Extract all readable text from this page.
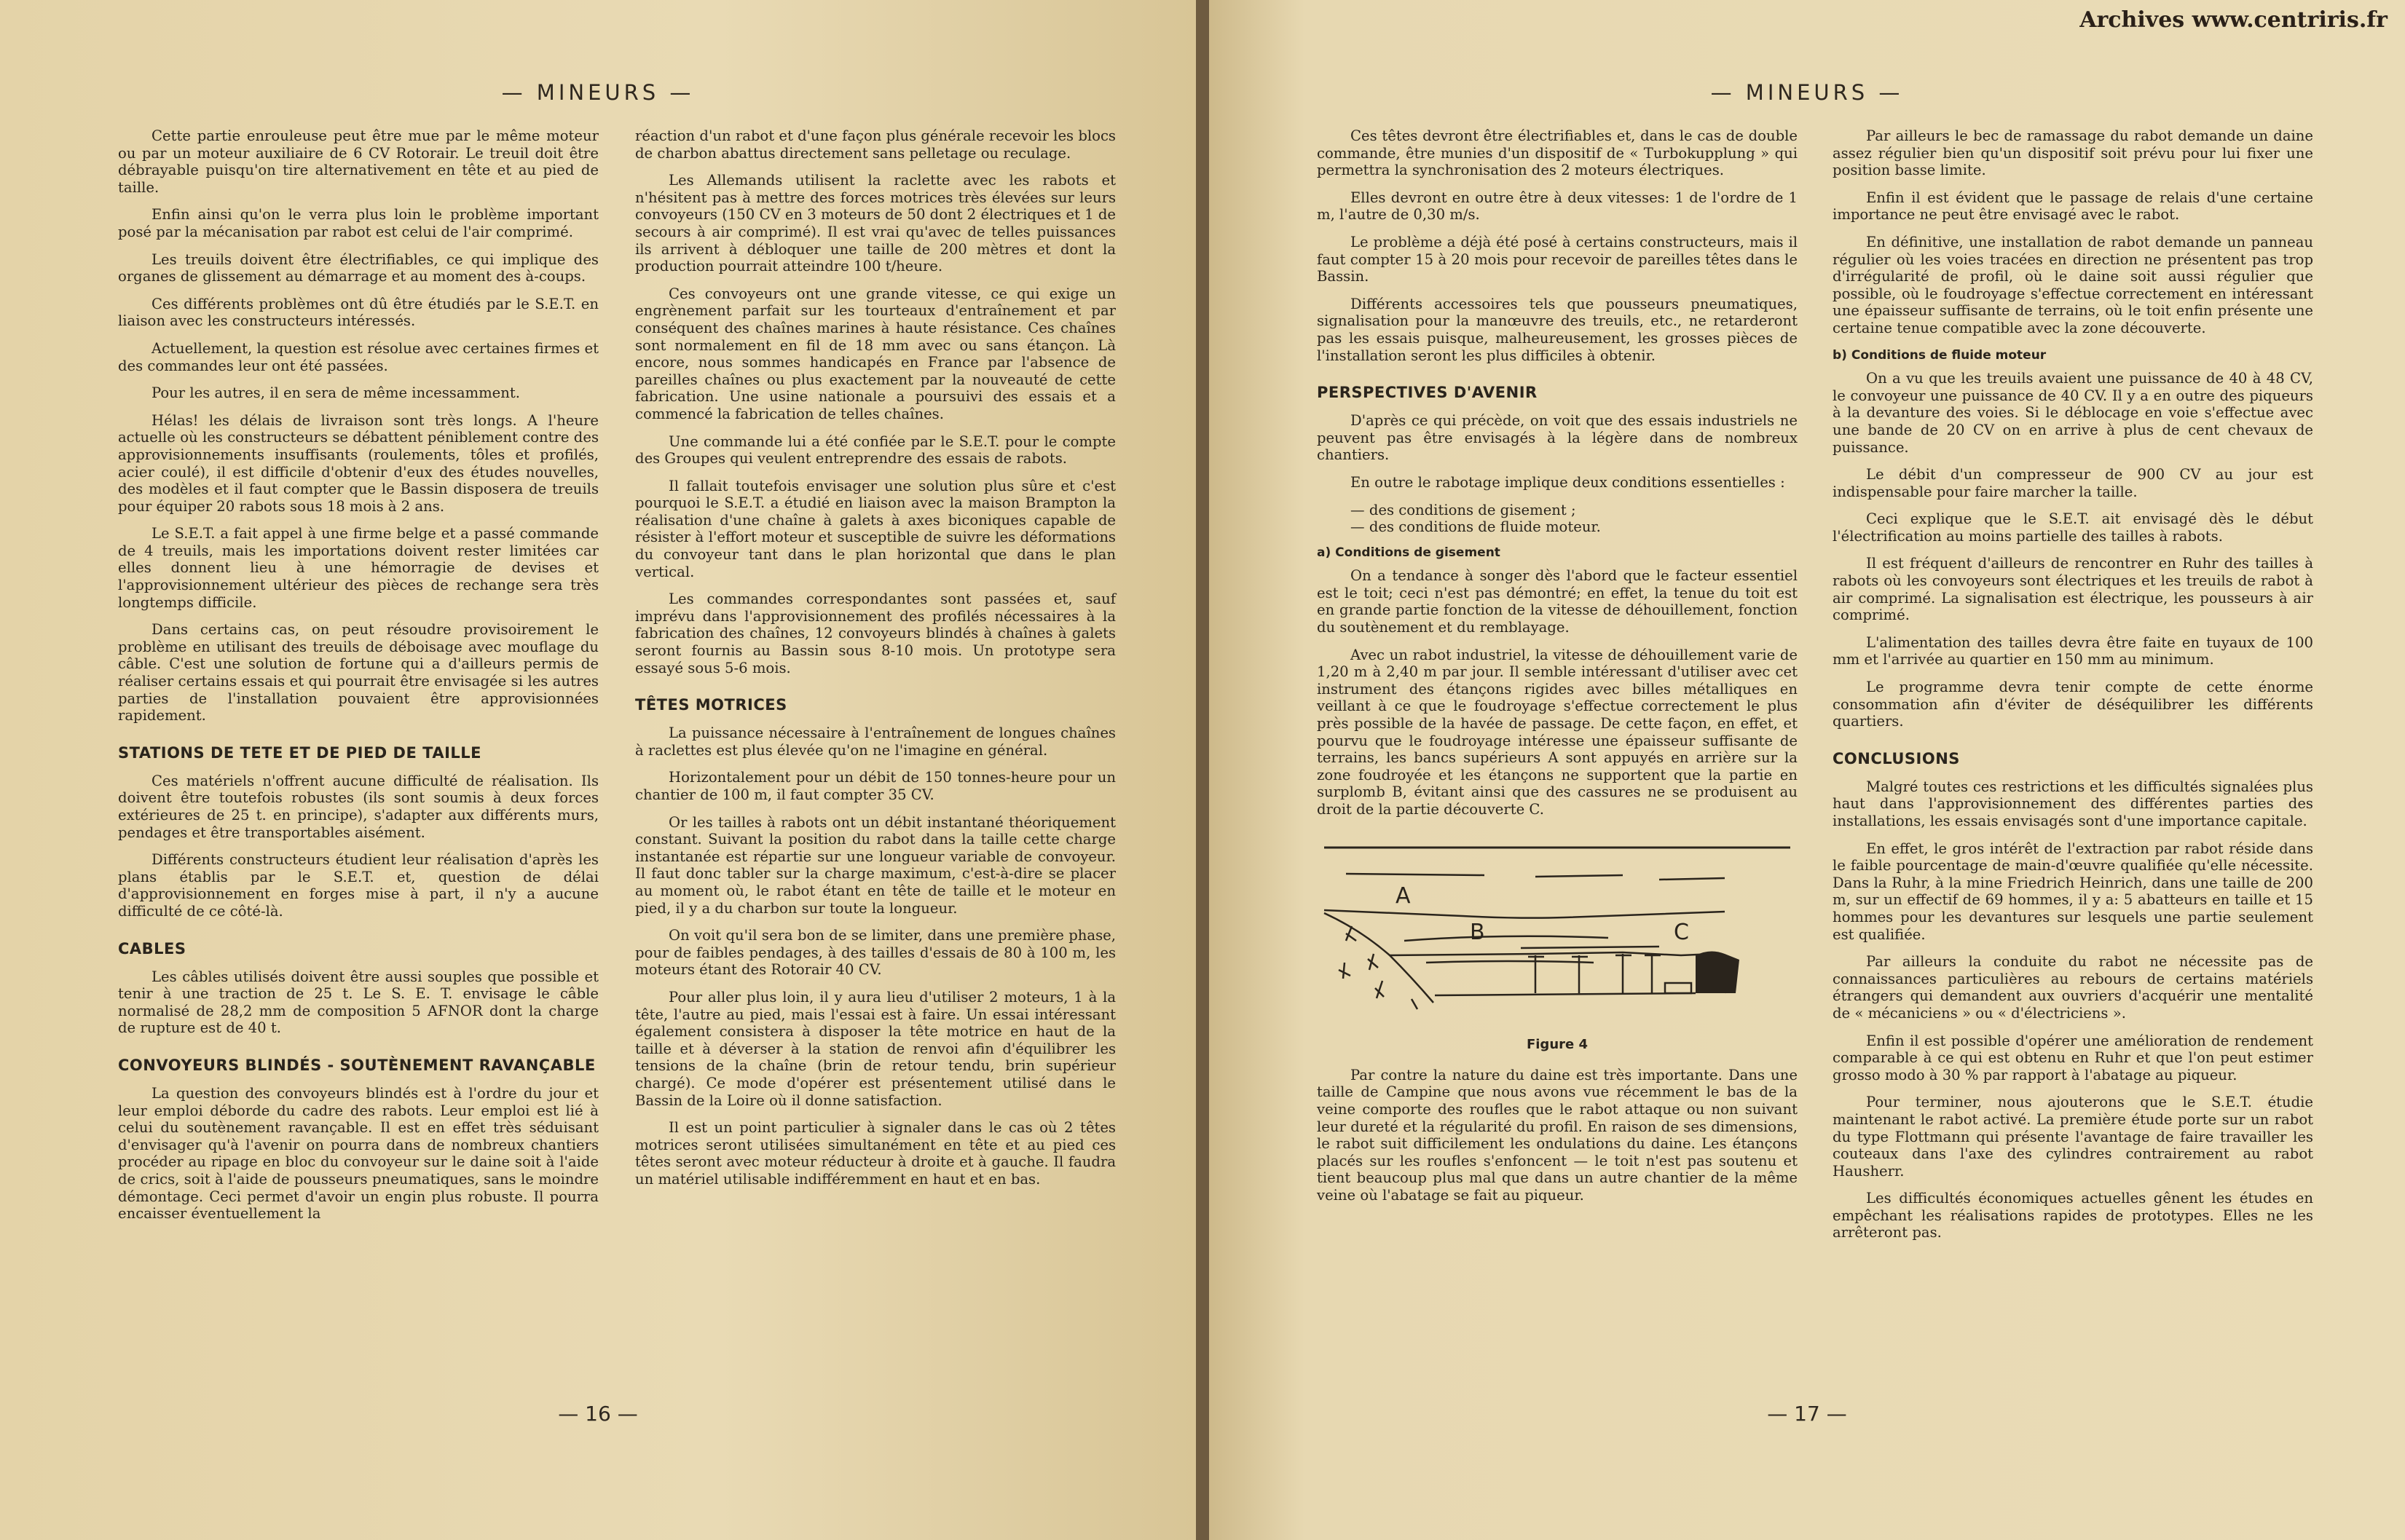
— MINEURS —

Cette partie enrouleuse peut être mue par le même moteur ou par un moteur auxiliaire de 6 CV Rotorair. Le treuil doit être débrayable puisqu'on tire alternativement en tête et au pied de taille.

Enfin ainsi qu'on le verra plus loin le problème important posé par la mécanisation par rabot est celui de l'air comprimé.

Les treuils doivent être électrifiables, ce qui implique des organes de glissement au démarrage et au moment des à-coups.

Ces différents problèmes ont dû être étudiés par le S.E.T. en liaison avec les constructeurs intéressés.

Actuellement, la question est résolue avec certaines firmes et des commandes leur ont été passées.

Pour les autres, il en sera de même incessamment.

Hélas! les délais de livraison sont très longs. A l'heure actuelle où les constructeurs se débattent péniblement contre des approvisionnements insuffisants (roulements, tôles et profilés, acier coulé), il est difficile d'obtenir d'eux des études nouvelles, des modèles et il faut compter que le Bassin disposera de treuils pour équiper 20 rabots sous 18 mois à 2 ans.

Le S.E.T. a fait appel à une firme belge et a passé commande de 4 treuils, mais les importations doivent rester limitées car elles donnent lieu à une hémorragie de devises et l'approvisionnement ultérieur des pièces de rechange sera très longtemps difficile.

Dans certains cas, on peut résoudre provisoirement le problème en utilisant des treuils de déboisage avec mouflage du câble. C'est une solution de fortune qui a d'ailleurs permis de réaliser certains essais et qui pourrait être envisagée si les autres parties de l'installation pouvaient être approvisionnées rapidement.

STATIONS DE TETE ET DE PIED DE TAILLE

Ces matériels n'offrent aucune difficulté de réalisation. Ils doivent être toutefois robustes (ils sont soumis à deux forces extérieures de 25 t. en principe), s'adapter aux différents murs, pendages et être transportables aisément.

Différents constructeurs étudient leur réalisation d'après les plans établis par le S.E.T. et, question de délai d'approvisionnement en forges mise à part, il n'y a aucune difficulté de ce côté-là.

CABLES

Les câbles utilisés doivent être aussi souples que possible et tenir à une traction de 25 t. Le S. E. T. envisage le câble normalisé de 28,2 mm de composition 5 AFNOR dont la charge de rupture est de 40 t.

CONVOYEURS BLINDÉS - SOUTÈNEMENT RAVANÇABLE

La question des convoyeurs blindés est à l'ordre du jour et leur emploi déborde du cadre des rabots. Leur emploi est lié à celui du soutènement ravançable. Il est en effet très séduisant d'envisager qu'à l'avenir on pourra dans de nombreux chantiers procéder au ripage en bloc du convoyeur sur le daine soit à l'aide de crics, soit à l'aide de pousseurs pneumatiques, sans le moindre démontage. Ceci permet d'avoir un engin plus robuste. Il pourra encaisser éventuellement la

réaction d'un rabot et d'une façon plus générale recevoir les blocs de charbon abattus directement sans pelletage ou reculage.

Les Allemands utilisent la raclette avec les rabots et n'hésitent pas à mettre des forces motrices très élevées sur leurs convoyeurs (150 CV en 3 moteurs de 50 dont 2 électriques et 1 de secours à air comprimé). Il est vrai qu'avec de telles puissances ils arrivent à débloquer une taille de 200 mètres et dont la production pourrait atteindre 100 t/heure.

Ces convoyeurs ont une grande vitesse, ce qui exige un engrènement parfait sur les tourteaux d'entraînement et par conséquent des chaînes marines à haute résistance. Ces chaînes sont normalement en fil de 18 mm avec ou sans étançon. Là encore, nous sommes handicapés en France par l'absence de pareilles chaînes ou plus exactement par la nouveauté de cette fabrication. Une usine nationale a poursuivi des essais et a commencé la fabrication de telles chaînes.

Une commande lui a été confiée par le S.E.T. pour le compte des Groupes qui veulent entreprendre des essais de rabots.

Il fallait toutefois envisager une solution plus sûre et c'est pourquoi le S.E.T. a étudié en liaison avec la maison Brampton la réalisation d'une chaîne à galets à axes biconiques capable de résister à l'effort moteur et susceptible de suivre les déformations du convoyeur tant dans le plan horizontal que dans le plan vertical.

Les commandes correspondantes sont passées et, sauf imprévu dans l'approvisionnement des profilés nécessaires à la fabrication des chaînes, 12 convoyeurs blindés à chaînes à galets seront fournis au Bassin sous 8-10 mois. Un prototype sera essayé sous 5-6 mois.

TÊTES MOTRICES

La puissance nécessaire à l'entraînement de longues chaînes à raclettes est plus élevée qu'on ne l'imagine en général.

Horizontalement pour un débit de 150 tonnes-heure pour un chantier de 100 m, il faut compter 35 CV.

Or les tailles à rabots ont un débit instantané théoriquement constant. Suivant la position du rabot dans la taille cette charge instantanée est répartie sur une longueur variable de convoyeur. Il faut donc tabler sur la charge maximum, c'est-à-dire se placer au moment où, le rabot étant en tête de taille et le moteur en pied, il y a du charbon sur toute la longueur.

On voit qu'il sera bon de se limiter, dans une première phase, pour de faibles pendages, à des tailles d'essais de 80 à 100 m, les moteurs étant des Rotorair 40 CV.

Pour aller plus loin, il y aura lieu d'utiliser 2 moteurs, 1 à la tête, l'autre au pied, mais l'essai est à faire. Un essai intéressant également consistera à disposer la tête motrice en haut de la taille et à déverser à la station de renvoi afin d'équilibrer les tensions de la chaîne (brin de retour tendu, brin supérieur chargé). Ce mode d'opérer est présentement utilisé dans le Bassin de la Loire où il donne satisfaction.

Il est un point particulier à signaler dans le cas où 2 têtes motrices seront utilisées simultanément en tête et au pied ces têtes seront avec moteur réducteur à droite et à gauche. Il faudra un matériel utilisable indifféremment en haut et en bas.

— 16 —
Archives www.centriris.fr
— MINEURS —

Ces têtes devront être électrifiables et, dans le cas de double commande, être munies d'un dispositif de « Turbokupplung » qui permettra la synchronisation des 2 moteurs électriques.

Elles devront en outre être à deux vitesses: 1 de l'ordre de 1 m, l'autre de 0,30 m/s.

Le problème a déjà été posé à certains constructeurs, mais il faut compter 15 à 20 mois pour recevoir de pareilles têtes dans le Bassin.

Différents accessoires tels que pousseurs pneumatiques, signalisation pour la manœuvre des treuils, etc., ne retarderont pas les essais puisque, malheureusement, les grosses pièces de l'installation seront les plus difficiles à obtenir.

PERSPECTIVES D'AVENIR

D'après ce qui précède, on voit que des essais industriels ne peuvent pas être envisagés à la légère dans de nombreux chantiers.

En outre le rabotage implique deux conditions essentielles :

— des conditions de gisement ;
— des conditions de fluide moteur.
a) Conditions de gisement

On a tendance à songer dès l'abord que le facteur essentiel est le toit; ceci n'est pas démontré; en effet, la tenue du toit est en grande partie fonction de la vitesse de déhouillement, fonction du soutènement et du remblayage.

Avec un rabot industriel, la vitesse de déhouillement varie de 1,20 m à 2,40 m par jour. Il semble intéressant d'utiliser avec cet instrument des étançons rigides avec billes métalliques en veillant à ce que le foudroyage s'effectue correctement le plus près possible de la havée de passage. De cette façon, en effet, et pourvu que le foudroyage intéresse une épaisseur suffisante de terrains, les bancs supérieurs A sont appuyés en arrière sur la zone foudroyée et les étançons ne supportent que la partie en surplomb B, évitant ainsi que des cassures ne se produisent au droit de la partie découverte C.

A
B	C
Figure 4

Par contre la nature du daine est très importante. Dans une taille de Campine que nous avons vue récemment le bas de la veine comporte des roufles que le rabot attaque ou non suivant leur dureté et la régularité du profil. En raison de ses dimensions, le rabot suit difficilement les ondulations du daine. Les étançons placés sur les roufles s'enfoncent — le toit n'est pas soutenu et tient beaucoup plus mal que dans un autre chantier de la même veine où l'abatage se fait au piqueur.

Par ailleurs le bec de ramassage du rabot demande un daine assez régulier bien qu'un dispositif soit prévu pour lui fixer une position basse limite.

Enfin il est évident que le passage de relais d'une certaine importance ne peut être envisagé avec le rabot.

En définitive, une installation de rabot demande un panneau régulier où les voies tracées en direction ne présentent pas trop d'irrégularité de profil, où le daine soit aussi régulier que possible, où le foudroyage s'effectue correctement en intéressant une épaisseur suffisante de terrains, où le toit enfin présente une certaine tenue compatible avec la zone découverte.

b) Conditions de fluide moteur

On a vu que les treuils avaient une puissance de 40 à 48 CV, le convoyeur une puissance de 40 CV. Il y a en outre des piqueurs à la devanture des voies. Si le déblocage en voie s'effectue avec une bande de 20 CV on en arrive à plus de cent chevaux de puissance.

Le débit d'un compresseur de 900 CV au jour est indispensable pour faire marcher la taille.

Ceci explique que le S.E.T. ait envisagé dès le début l'électrification au moins partielle des tailles à rabots.

Il est fréquent d'ailleurs de rencontrer en Ruhr des tailles à rabots où les convoyeurs sont électriques et les treuils de rabot à air comprimé. La signalisation est électrique, les pousseurs à air comprimé.

L'alimentation des tailles devra être faite en tuyaux de 100 mm et l'arrivée au quartier en 150 mm au minimum.

Le programme devra tenir compte de cette énorme consommation afin d'éviter de déséquilibrer les différents quartiers.

CONCLUSIONS

Malgré toutes ces restrictions et les difficultés signalées plus haut dans l'approvisionnement des différentes parties des installations, les essais envisagés sont d'une importance capitale.

En effet, le gros intérêt de l'extraction par rabot réside dans le faible pourcentage de main-d'œuvre qualifiée qu'elle nécessite. Dans la Ruhr, à la mine Friedrich Heinrich, dans une taille de 200 m, sur un effectif de 69 hommes, il y a: 5 abatteurs en taille et 15 hommes pour les devantures sur lesquels une partie seulement est qualifiée.

Par ailleurs la conduite du rabot ne nécessite pas de connaissances particulières au rebours de certains matériels étrangers qui demandent aux ouvriers d'acquérir une mentalité de « mécaniciens » ou « d'électriciens ».

Enfin il est possible d'opérer une amélioration de rendement comparable à ce qui est obtenu en Ruhr et que l'on peut estimer grosso modo à 30 % par rapport à l'abatage au piqueur.

Pour terminer, nous ajouterons que le S.E.T. étudie maintenant le rabot activé. La première étude porte sur un rabot du type Flottmann qui présente l'avantage de faire travailler les couteaux dans l'axe des cylindres contrairement au rabot Hausherr.

Les difficultés économiques actuelles gênent les études en empêchant les réalisations rapides de prototypes. Elles ne les arrêteront pas.

— 17 —
